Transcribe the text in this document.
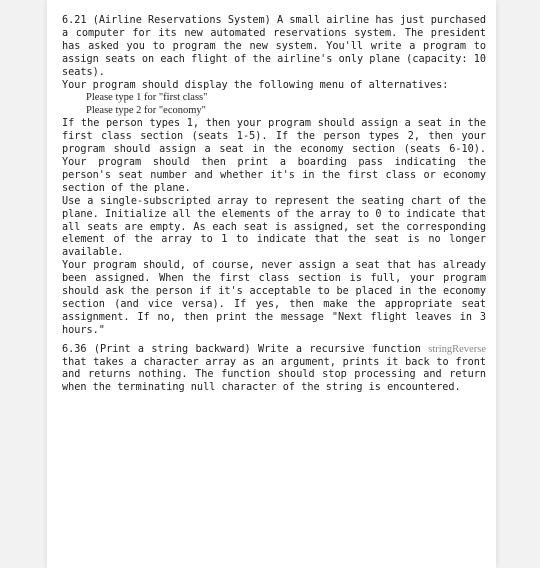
6.21 (Airline Reservations System) A small airline has just purchased a computer for its new automated reservations system. The president has asked you to program the new system. You'll write a program to assign seats on each flight of the airline's only plane (capacity: 10 seats).

Your program should display the following menu of alternatives:

Please type 1 for "first class"

Please type 2 for "economy"

If the person types 1, then your program should assign a seat in the first class section (seats 1-5). If the person types 2, then your program should assign a seat in the economy section (seats 6-10). Your program should then print a boarding pass indicating the person's seat number and whether it's in the first class or economy section of the plane.

Use a single-subscripted array to represent the seating chart of the plane. Initialize all the elements of the array to 0 to indicate that all seats are empty. As each seat is assigned, set the corresponding element of the array to 1 to indicate that the seat is no longer available.

Your program should, of course, never assign a seat that has already been assigned. When the first class section is full, your program should ask the person if it's acceptable to be placed in the economy section (and vice versa). If yes, then make the appropriate seat assignment. If no, then print the message "Next flight leaves in 3 hours."

6.36 (Print a string backward) Write a recursive function stringReverse that takes a character array as an argument, prints it back to front and returns nothing. The function should stop processing and return when the terminating null character of the string is encountered.
